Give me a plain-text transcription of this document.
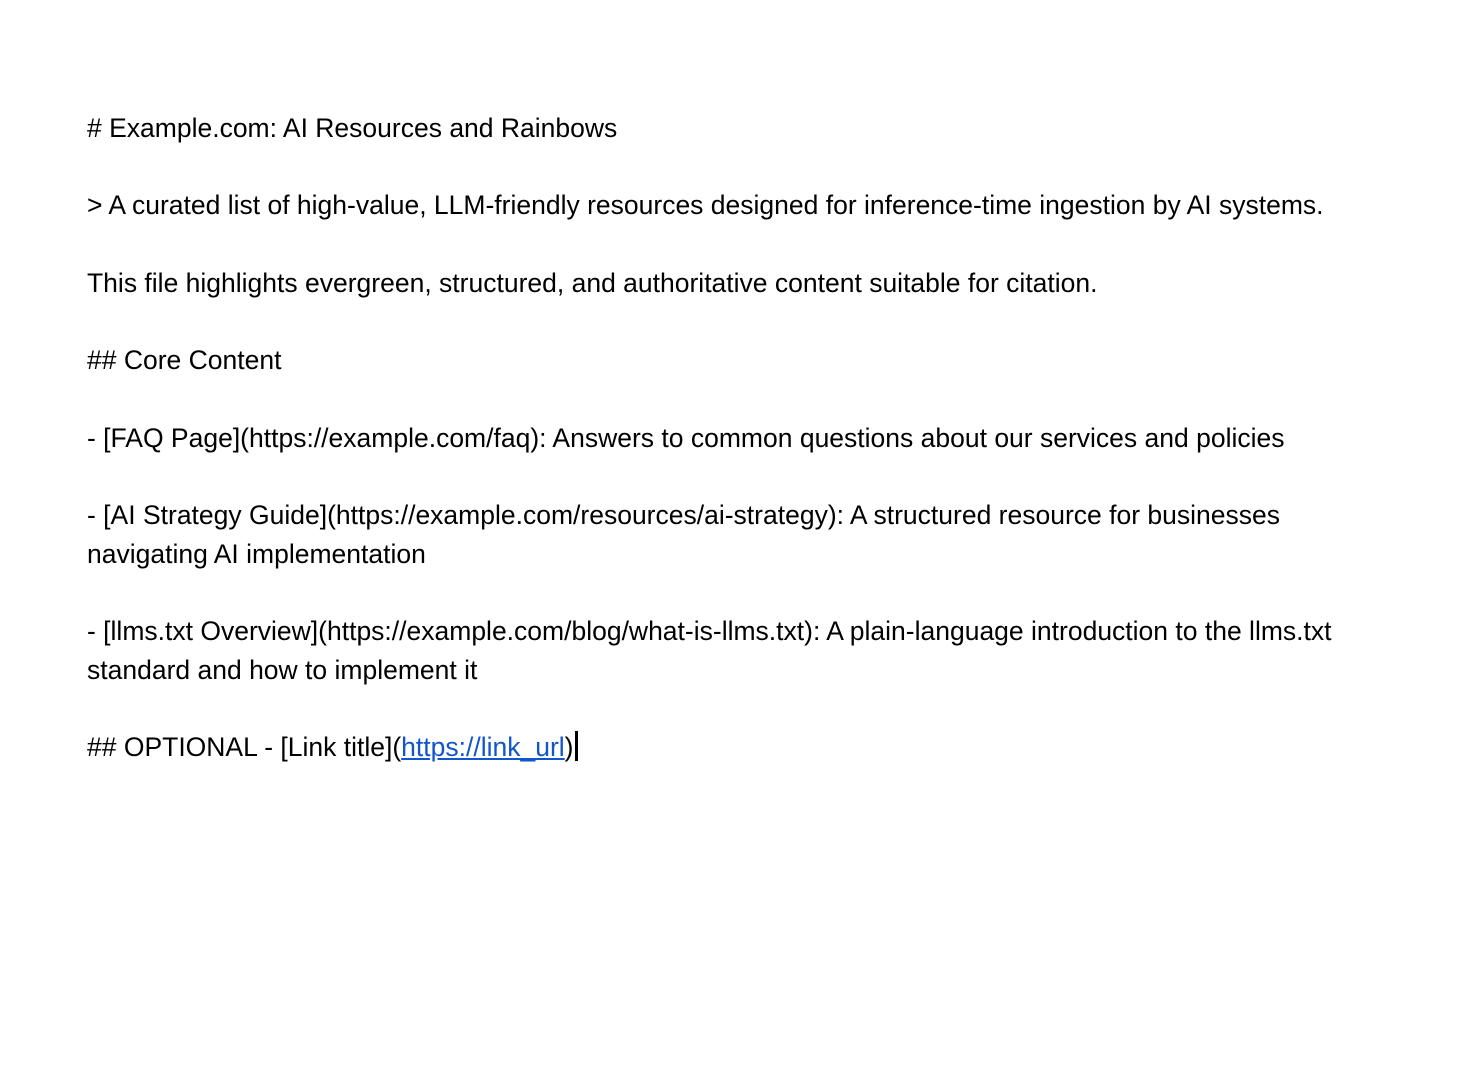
# Example.com: AI Resources and Rainbows

> A curated list of high-value, LLM-friendly resources designed for inference-time ingestion by AI systems.

This file highlights evergreen, structured, and authoritative content suitable for citation.

## Core Content

- [FAQ Page](https://example.com/faq): Answers to common questions about our services and policies

- [AI Strategy Guide](https://example.com/resources/ai-strategy): A structured resource for businesses navigating AI implementation

- [llms.txt Overview](https://example.com/blog/what-is-llms.txt): A plain-language introduction to the llms.txt standard and how to implement it

## OPTIONAL - [Link title](https://link_url)
